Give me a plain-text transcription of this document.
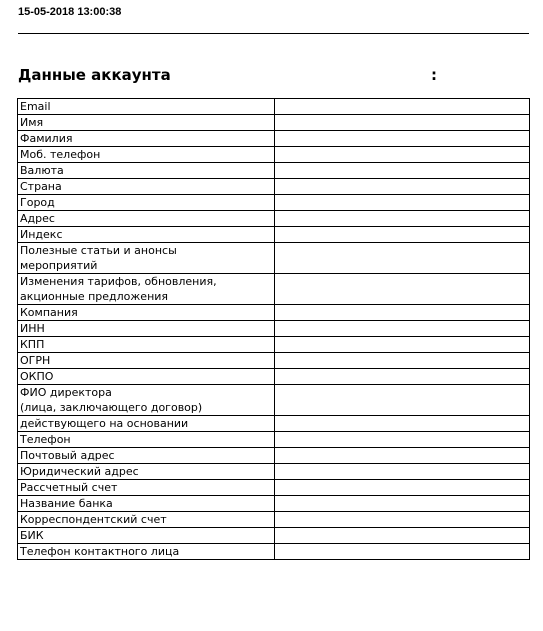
15-05-2018 13:00:38
Данные аккаунта	:
Email	
Имя	
Фамилия	
Моб. телефон	
Валюта	
Страна	
Город	
Адрес	
Индекс	
Полезные статьи и анонсы
мероприятий	
Изменения тарифов, обновления,
акционные предложения	
Компания	
ИНН	
КПП	
ОГРН	
ОКПО	
ФИО директора
(лица, заключающего договор)	
действующего на основании	
Телефон	
Почтовый адрес	
Юридический адрес	
Рассчетный счет	
Название банка	
Корреспондентский счет	
БИК	
Телефон контактного лица	
